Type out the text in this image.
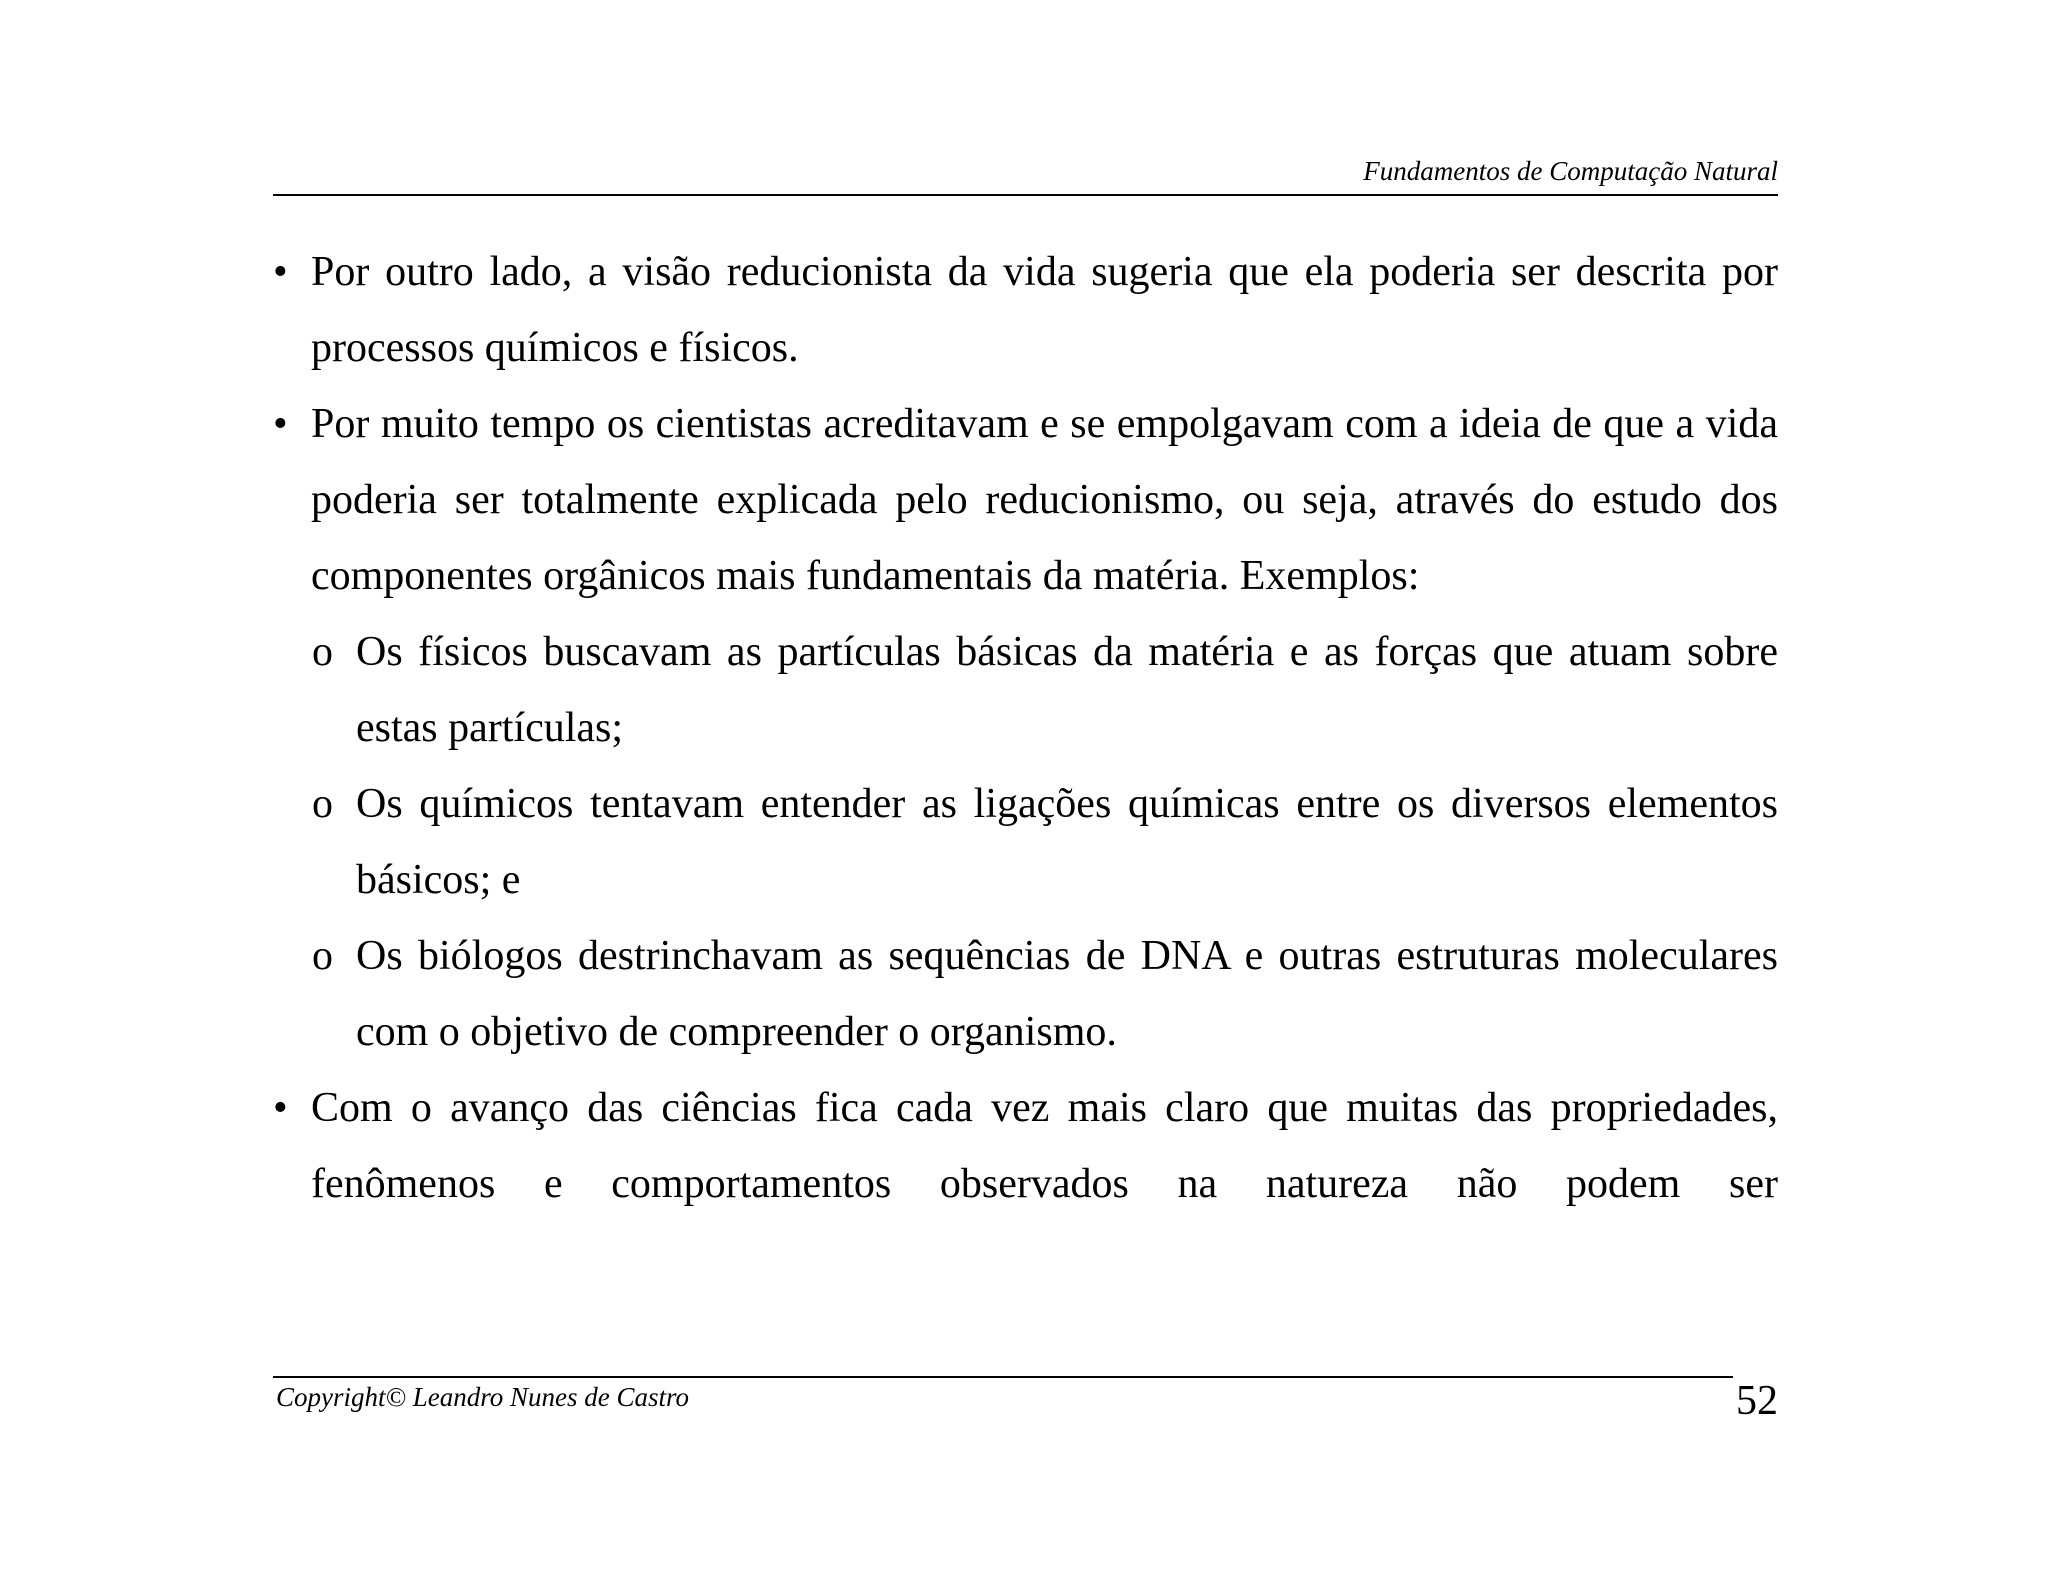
Fundamentos de Computação Natural

• Por outro lado, a visão reducionista da vida sugeria que ela poderia ser descrita por processos químicos e físicos.

• Por muito tempo os cientistas acreditavam e se empolgavam com a ideia de que a vida poderia ser totalmente explicada pelo reducionismo, ou seja, através do estudo dos componentes orgânicos mais fundamentais da matéria. Exemplos:

o Os físicos buscavam as partículas básicas da matéria e as forças que atuam sobre estas partículas;

o Os químicos tentavam entender as ligações químicas entre os diversos elementos básicos; e

o Os biólogos destrinchavam as sequências de DNA e outras estruturas moleculares com o objetivo de compreender o organismo.

• Com o avanço das ciências fica cada vez mais claro que muitas das propriedades, fenômenos e comportamentos observados na natureza não podem ser

Copyright© Leandro Nunes de Castro	52
